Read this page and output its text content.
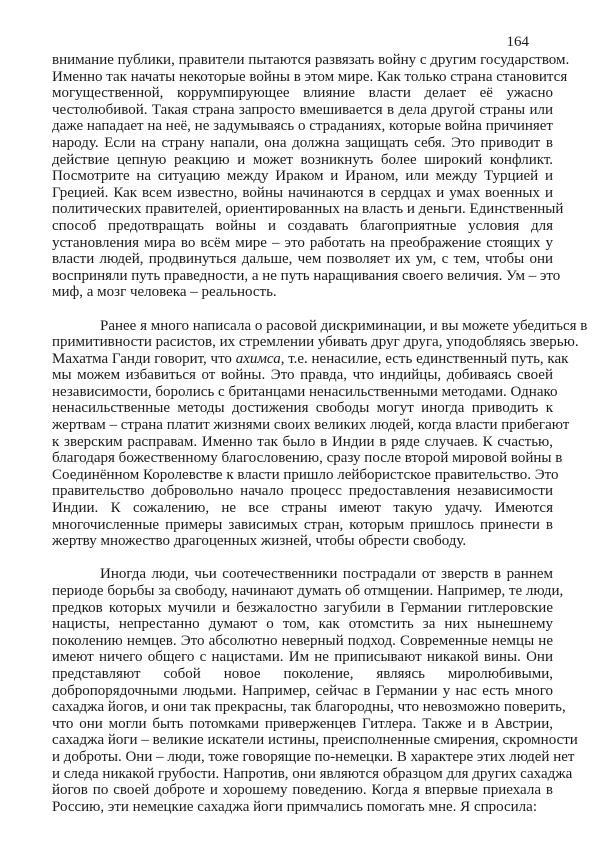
164

внимание публики, правители пытаются развязать войну с другим государством.
Именно так начаты некоторые войны в этом мире. Как только страна становится
могущественной, коррумпирующее влияние власти делает её ужасно
честолюбивой. Такая страна запросто вмешивается в дела другой страны или
даже нападает на неё, не задумываясь о страданиях, которые война причиняет
народу. Если на страну напали, она должна защищать себя. Это приводит в
действие цепную реакцию и может возникнуть более широкий конфликт.
Посмотрите на ситуацию между Ираком и Ираном, или между Турцией и
Грецией. Как всем известно, войны начинаются в сердцах и умах военных и
политических правителей, ориентированных на власть и деньги. Единственный
способ предотвращать войны и создавать благоприятные условия для
установления мира во всём мире – это работать на преображение стоящих у
власти людей, продвинуться дальше, чем позволяет их ум, с тем, чтобы они
восприняли путь праведности, а не путь наращивания своего величия. Ум – это
миф, а мозг человека – реальность.

Ранее я много написала о расовой дискриминации, и вы можете убедиться в
примитивности расистов, их стремлении убивать друг друга, уподобляясь зверью.
Махатма Ганди говорит, что ахимса, т.е. ненасилие, есть единственный путь, как
мы можем избавиться от войны. Это правда, что индийцы, добиваясь своей
независимости, боролись с британцами ненасильственными методами. Однако
ненасильственные методы достижения свободы могут иногда приводить к
жертвам – страна платит жизнями своих великих людей, когда власти прибегают
к зверским расправам. Именно так было в Индии в ряде случаев. К счастью,
благодаря божественному благословению, сразу после второй мировой войны в
Соединённом Королевстве к власти пришло лейбористское правительство. Это
правительство добровольно начало процесс предоставления независимости
Индии. К сожалению, не все страны имеют такую удачу. Имеются
многочисленные примеры зависимых стран, которым пришлось принести в
жертву множество драгоценных жизней, чтобы обрести свободу.

Иногда люди, чьи соотечественники пострадали от зверств в раннем
периоде борьбы за свободу, начинают думать об отмщении. Например, те люди,
предков которых мучили и безжалостно загубили в Германии гитлеровские
нацисты, непрестанно думают о том, как отомстить за них нынешнему
поколению немцев. Это абсолютно неверный подход. Современные немцы не
имеют ничего общего с нацистами. Им не приписывают никакой вины. Они
представляют собой новое поколение, являясь миролюбивыми,
добропорядочными людьми. Например, сейчас в Германии у нас есть много
сахаджа йогов, и они так прекрасны, так благородны, что невозможно поверить,
что они могли быть потомками приверженцев Гитлера. Также и в Австрии,
сахаджа йоги – великие искатели истины, преисполненные смирения, скромности
и доброты. Они – люди, тоже говорящие по-немецки. В характере этих людей нет
и следа никакой грубости. Напротив, они являются образцом для других сахаджа
йогов по своей доброте и хорошему поведению. Когда я впервые приехала в
Россию, эти немецкие сахаджа йоги примчались помогать мне. Я спросила:
